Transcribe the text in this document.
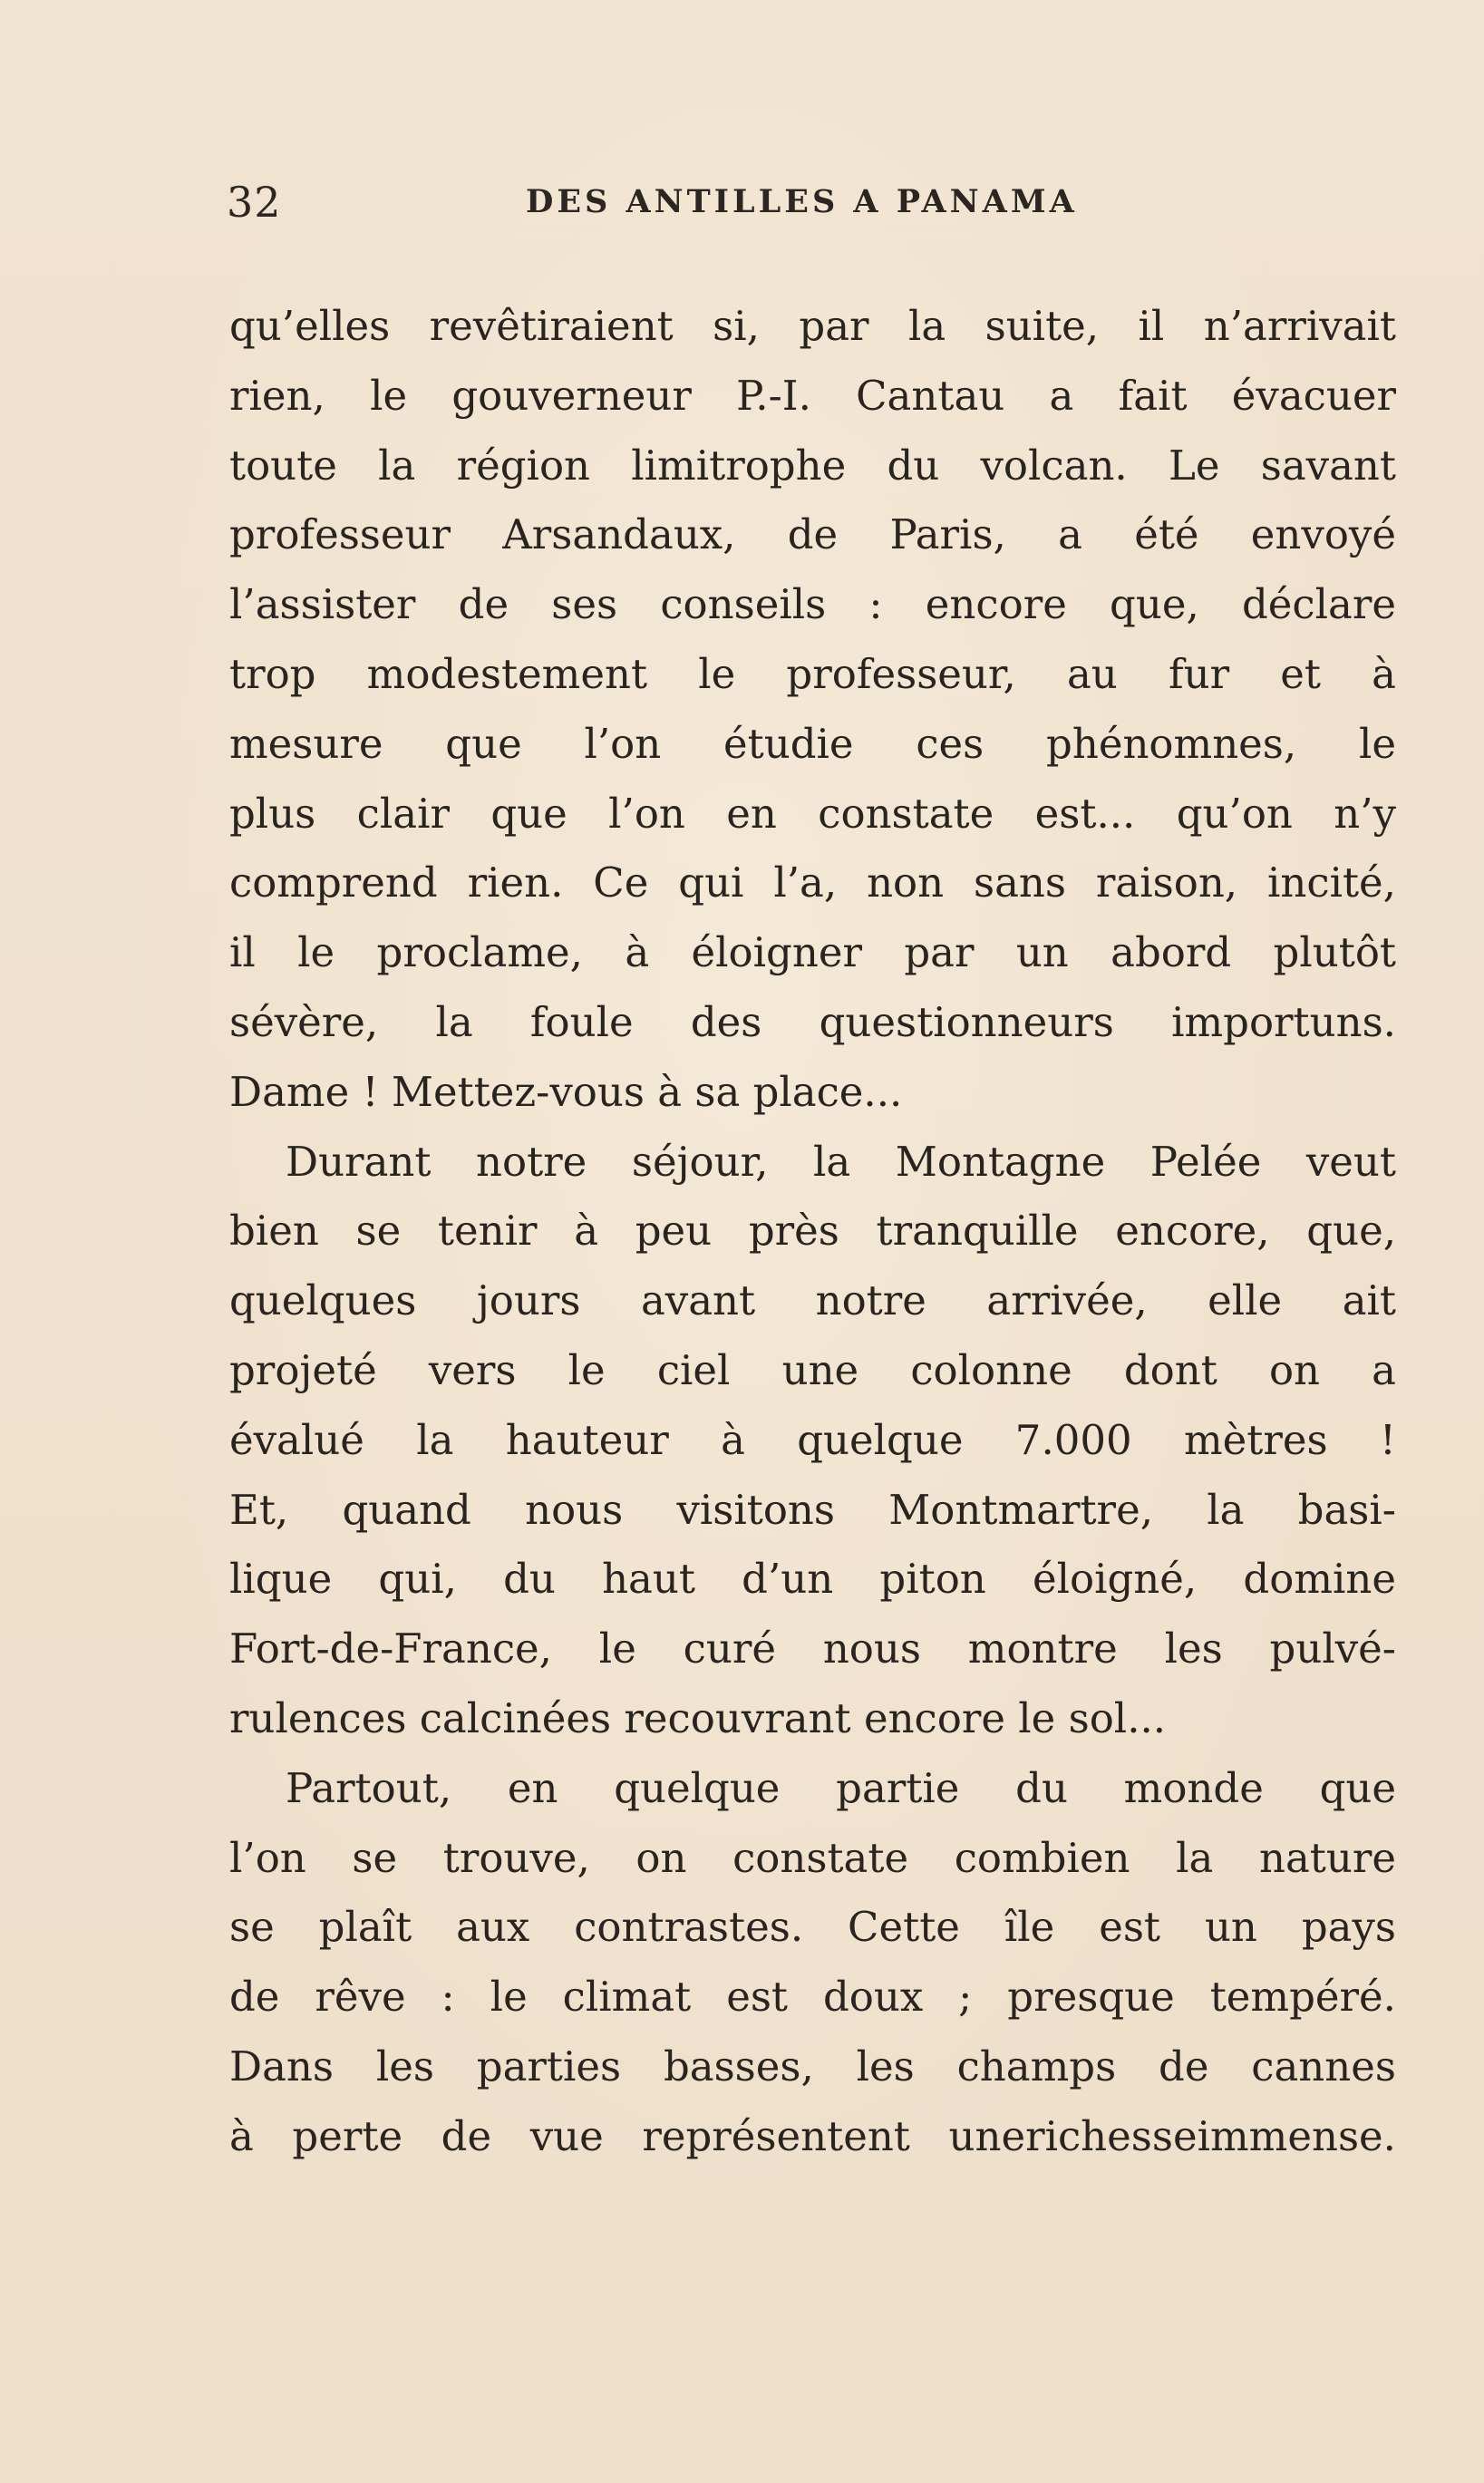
32	DES ANTILLES A PANAMA
qu’elles revêtiraient si, par la suite, il n’arrivait
rien, le gouverneur P.-I. Cantau a fait évacuer
toute la région limitrophe du volcan. Le savant
professeur Arsandaux, de Paris, a été envoyé
l’assister de ses conseils : encore que, déclare
trop modestement le professeur, au fur et à
mesure que l’on étudie ces phénomnes, le
plus clair que l’on en constate est... qu’on n’y
comprend rien. Ce qui l’a, non sans raison, incité,
il le proclame, à éloigner par un abord plutôt
sévère, la foule des questionneurs importuns.
Dame ! Mettez-vous à sa place...
Durant notre séjour, la Montagne Pelée veut
bien se tenir à peu près tranquille encore, que,
quelques jours avant notre arrivée, elle ait
projeté vers le ciel une colonne dont on a
évalué la hauteur à quelque 7.000 mètres !
Et, quand nous visitons Montmartre, la basi-
lique qui, du haut d’un piton éloigné, domine
Fort-de-France, le curé nous montre les pulvé-
rulences calcinées recouvrant encore le sol...
Partout, en quelque partie du monde que
l’on se trouve, on constate combien la nature
se plaît aux contrastes. Cette île est un pays
de rêve : le climat est doux ; presque tempéré.
Dans les parties basses, les champs de cannes
à perte de vue représentent unerichesseimmense.
